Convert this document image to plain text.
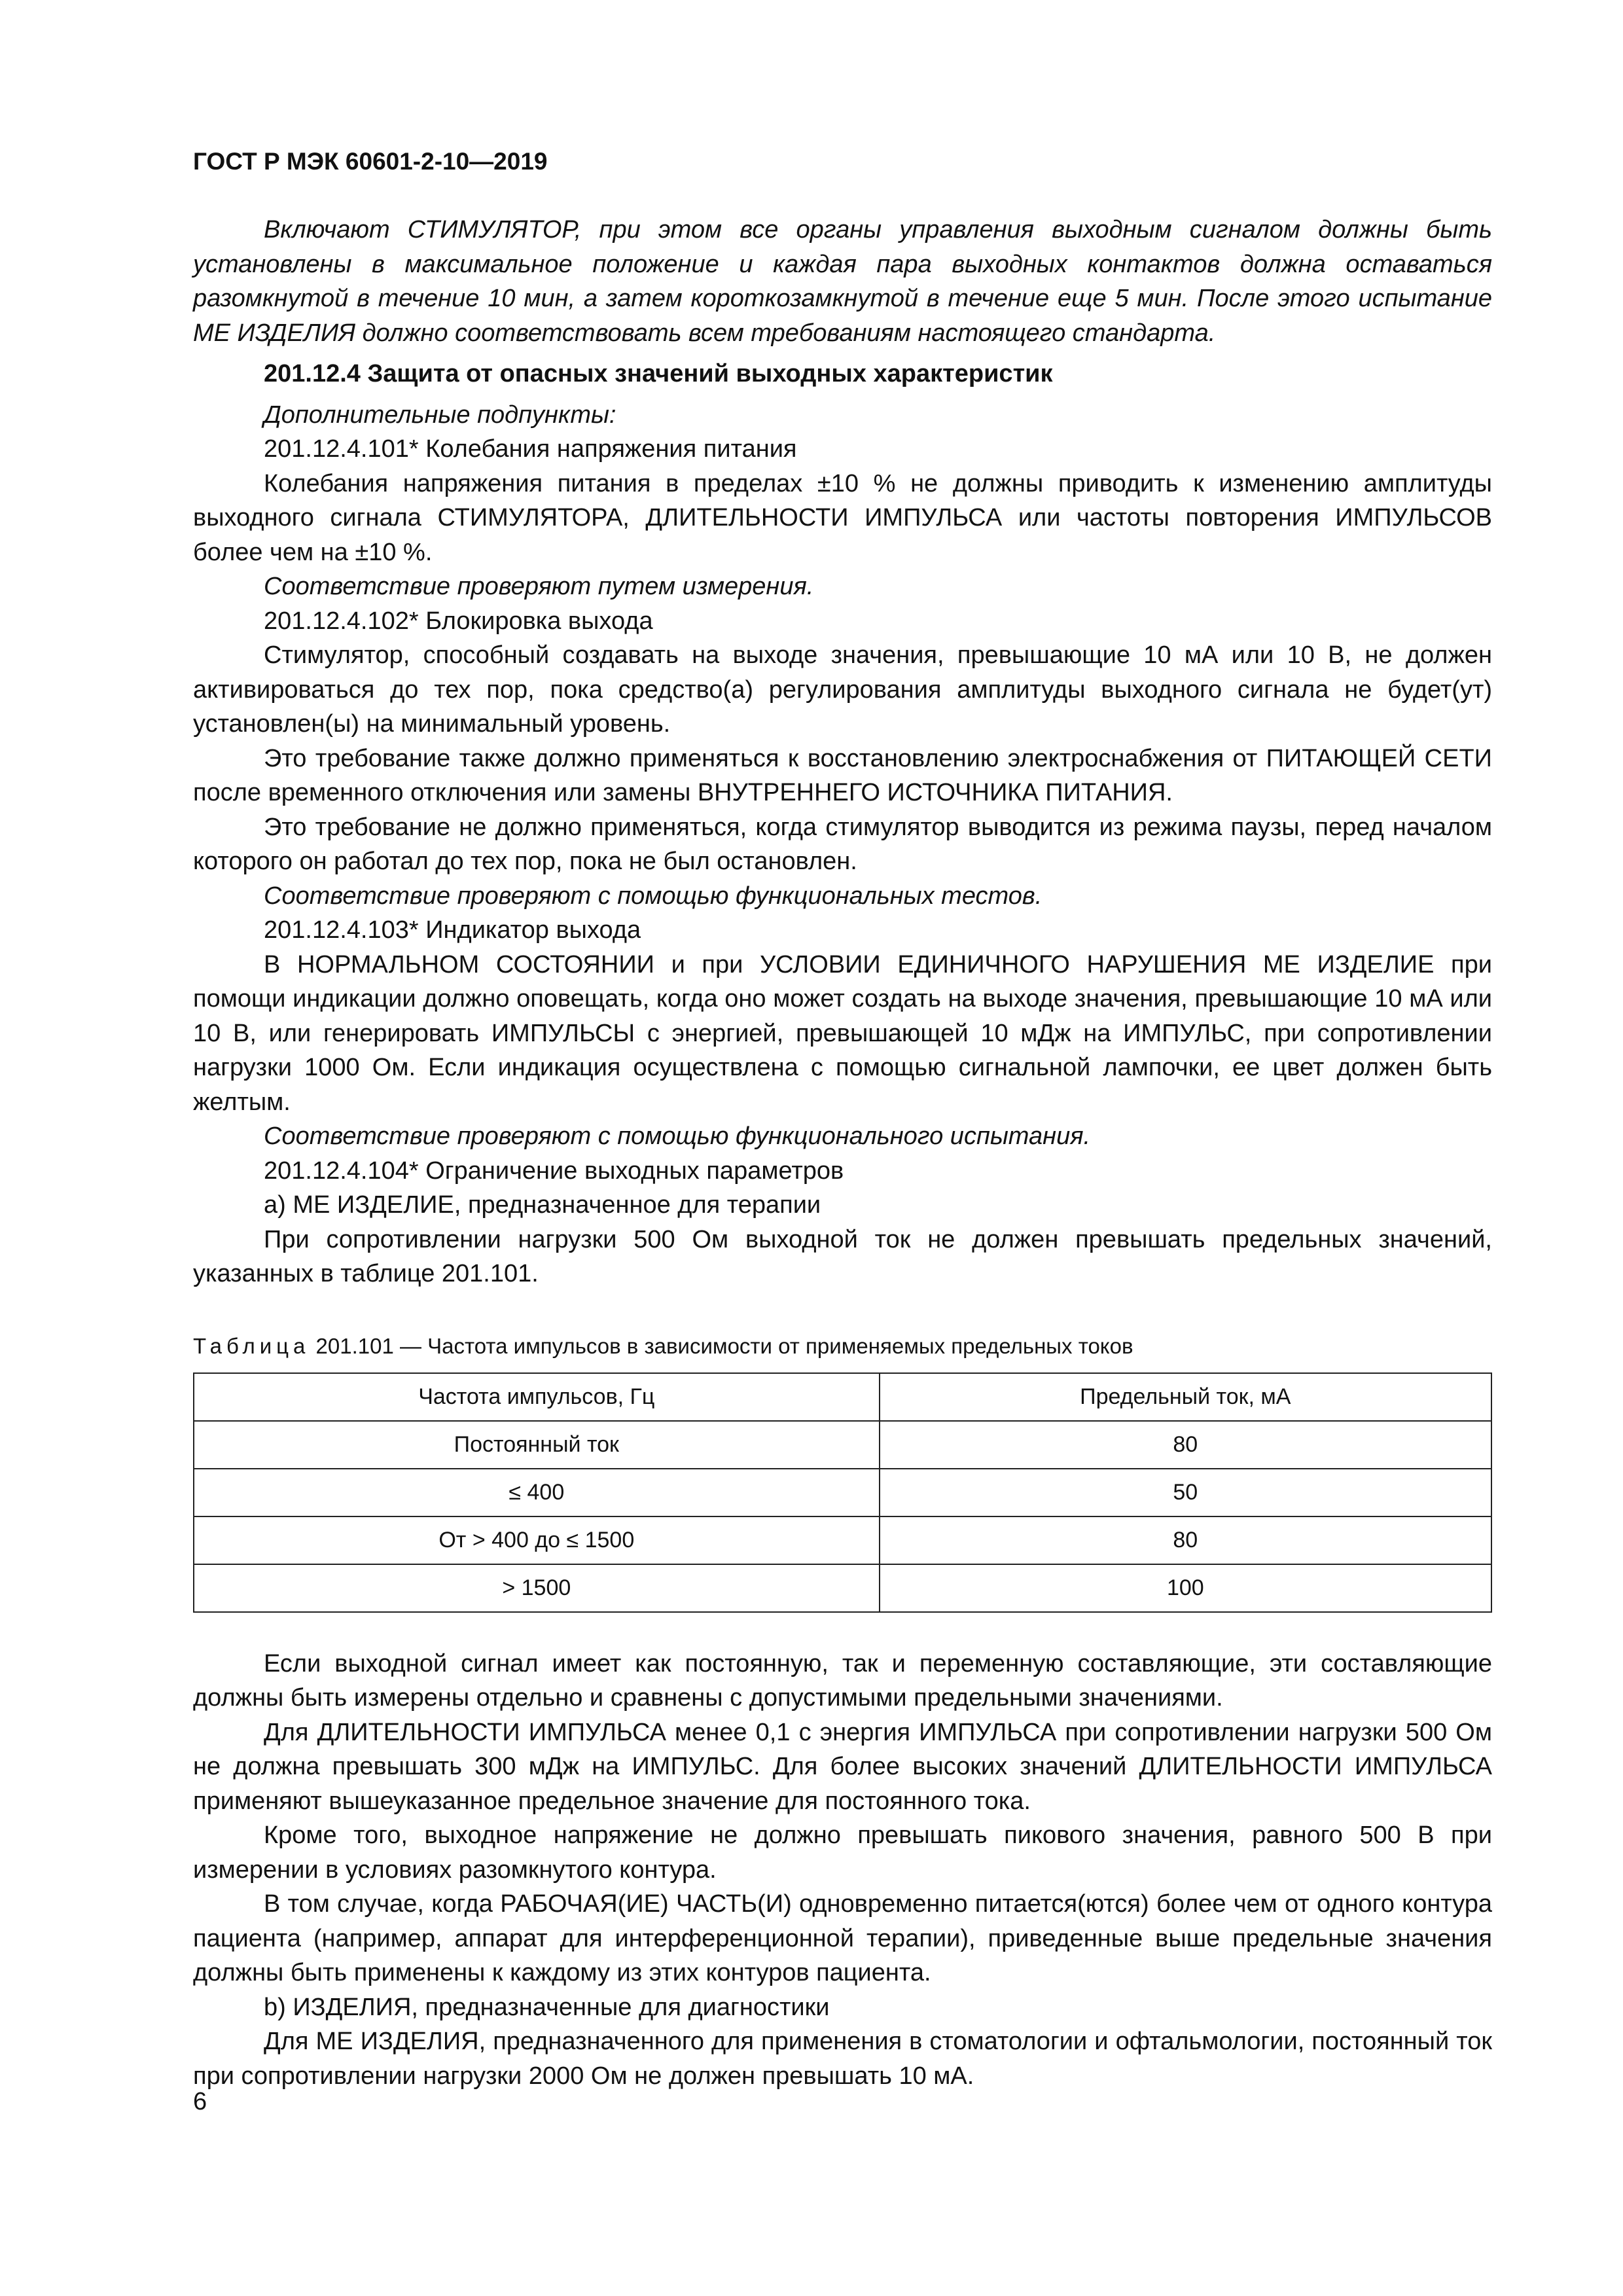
ГОСТ Р МЭК 60601-2-10—2019

Включают СТИМУЛЯТОР, при этом все органы управления выходным сигналом должны быть установлены в максимальное положение и каждая пара выходных контактов должна оставаться разомкнутой в течение 10 мин, а затем короткозамкнутой в течение еще 5 мин. После этого испытание МЕ ИЗДЕЛИЯ должно соответствовать всем требованиям настоящего стандарта.

201.12.4 Защита от опасных значений выходных характеристик

Дополнительные подпункты:

201.12.4.101* Колебания напряжения питания

Колебания напряжения питания в пределах ±10 % не должны приводить к изменению амплитуды выходного сигнала СТИМУЛЯТОРА, ДЛИТЕЛЬНОСТИ ИМПУЛЬСА или частоты повторения ИМПУЛЬСОВ более чем на ±10 %.

Соответствие проверяют путем измерения.

201.12.4.102* Блокировка выхода

Стимулятор, способный создавать на выходе значения, превышающие 10 мА или 10 В, не должен активироваться до тех пор, пока средство(а) регулирования амплитуды выходного сигнала не будет(ут) установлен(ы) на минимальный уровень.

Это требование также должно применяться к восстановлению электроснабжения от ПИТАЮЩЕЙ СЕТИ после временного отключения или замены ВНУТРЕННЕГО ИСТОЧНИКА ПИТАНИЯ.

Это требование не должно применяться, когда стимулятор выводится из режима паузы, перед началом которого он работал до тех пор, пока не был остановлен.

Соответствие проверяют с помощью функциональных тестов.

201.12.4.103* Индикатор выхода

В НОРМАЛЬНОМ СОСТОЯНИИ и при УСЛОВИИ ЕДИНИЧНОГО НАРУШЕНИЯ МЕ ИЗДЕЛИЕ при помощи индикации должно оповещать, когда оно может создать на выходе значения, превышающие 10 мА или 10 В, или генерировать ИМПУЛЬСЫ с энергией, превышающей 10 мДж на ИМПУЛЬС, при сопротивлении нагрузки 1000 Ом. Если индикация осуществлена с помощью сигнальной лампочки, ее цвет должен быть желтым.

Соответствие проверяют с помощью функционального испытания.

201.12.4.104* Ограничение выходных параметров

a) МЕ ИЗДЕЛИЕ, предназначенное для терапии

При сопротивлении нагрузки 500 Ом выходной ток не должен превышать предельных значений, указанных в таблице 201.101.

Таблица 201.101 — Частота импульсов в зависимости от применяемых предельных токов
Частота импульсов, Гц	Предельный ток, мА
Постоянный ток	80
≤ 400	50
От > 400 до ≤ 1500	80
> 1500	100

Если выходной сигнал имеет как постоянную, так и переменную составляющие, эти составляющие должны быть измерены отдельно и сравнены с допустимыми предельными значениями.

Для ДЛИТЕЛЬНОСТИ ИМПУЛЬСА менее 0,1 с энергия ИМПУЛЬСА при сопротивлении нагрузки 500 Ом не должна превышать 300 мДж на ИМПУЛЬС. Для более высоких значений ДЛИТЕЛЬНОСТИ ИМПУЛЬСА применяют вышеуказанное предельное значение для постоянного тока.

Кроме того, выходное напряжение не должно превышать пикового значения, равного 500 В при измерении в условиях разомкнутого контура.

В том случае, когда РАБОЧАЯ(ИЕ) ЧАСТЬ(И) одновременно питается(ются) более чем от одного контура пациента (например, аппарат для интерференционной терапии), приведенные выше предельные значения должны быть применены к каждому из этих контуров пациента.

b) ИЗДЕЛИЯ, предназначенные для диагностики

Для МЕ ИЗДЕЛИЯ, предназначенного для применения в стоматологии и офтальмологии, постоянный ток при сопротивлении нагрузки 2000 Ом не должен превышать 10 мА.

6
